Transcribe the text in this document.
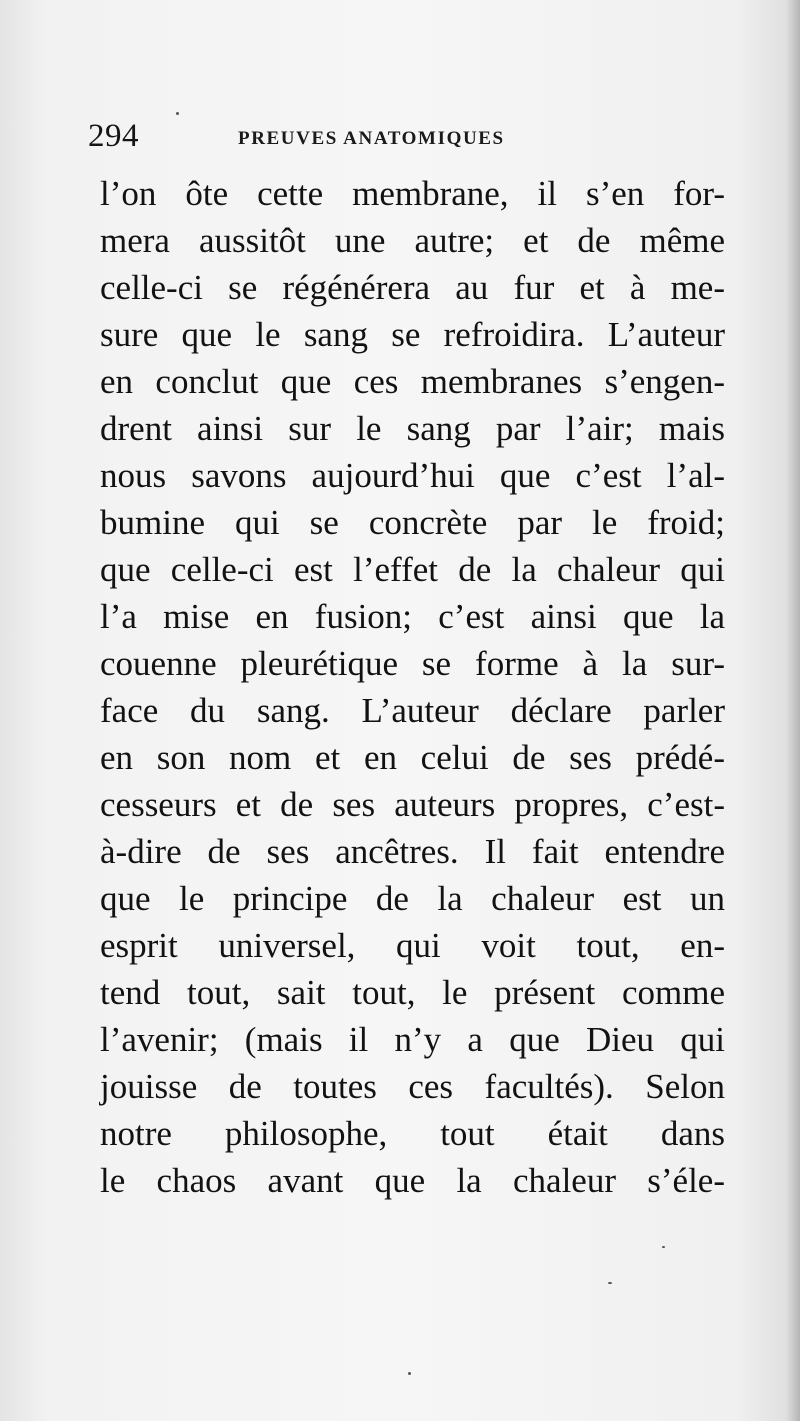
294	PREUVES ANATOMIQUES
l’on ôte cette membrane, il s’en for-
mera aussitôt une autre; et de même
celle-ci se régénérera au fur et à me-
sure que le sang se refroidira. L’auteur
en conclut que ces membranes s’engen-
drent ainsi sur le sang par l’air; mais
nous savons aujourd’hui que c’est l’al-
bumine qui se concrète par le froid;
que celle-ci est l’effet de la chaleur qui
l’a mise en fusion; c’est ainsi que la
couenne pleurétique se forme à la sur-
face du sang. L’auteur déclare parler
en son nom et en celui de ses prédé-
cesseurs et de ses auteurs propres, c’est-
à-dire de ses ancêtres. Il fait entendre
que le principe de la chaleur est un
esprit universel, qui voit tout, en-
tend tout, sait tout, le présent comme
l’avenir; (mais il n’y a que Dieu qui
jouisse de toutes ces facultés). Selon
notre philosophe, tout était dans
le chaos avant que la chaleur s’éle-
